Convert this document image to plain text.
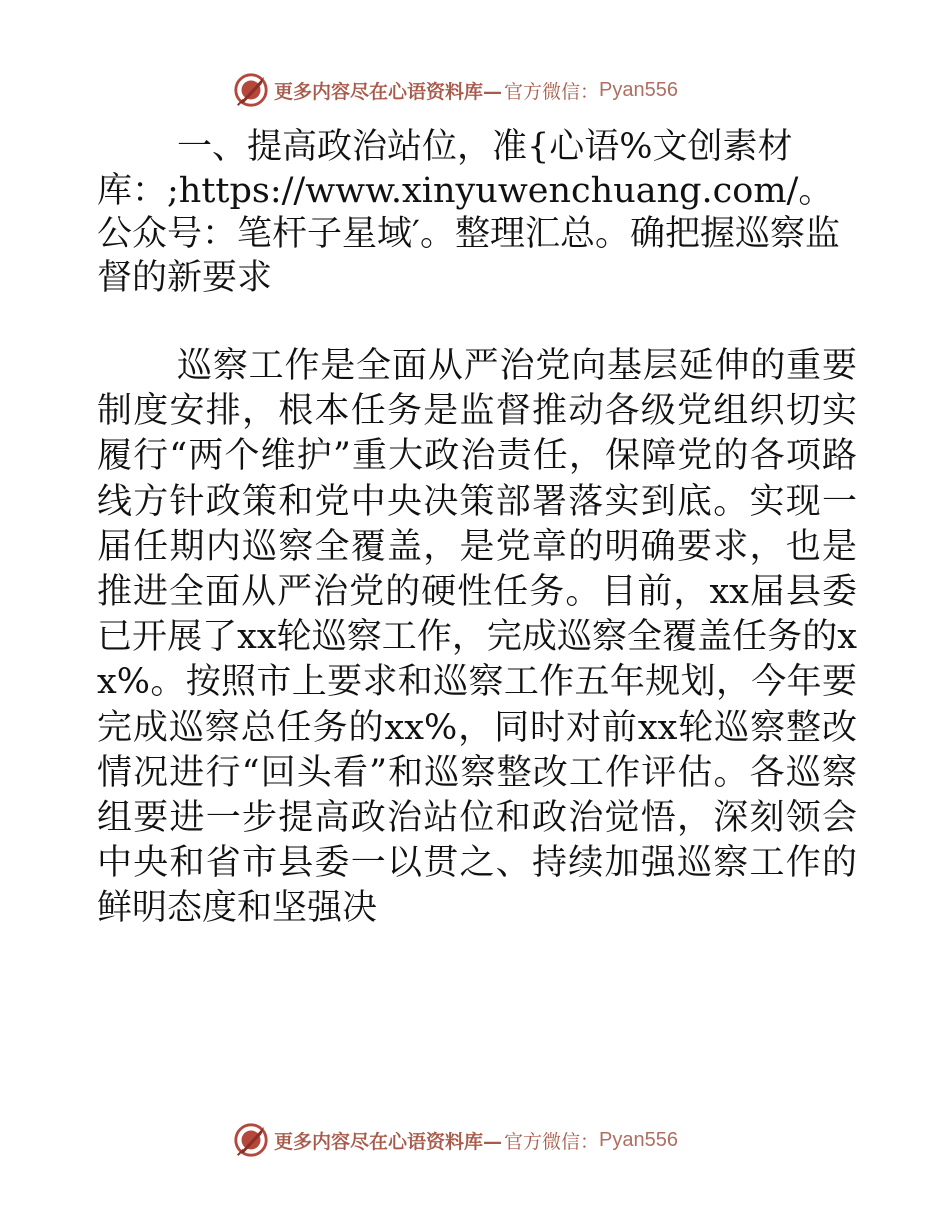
更多内容尽在心语资料库— 官方微信： Pyan556

一、提高政治站位，准{心语%文创素材库：;https://www.xinyuwenchuang.com/。公众号：笔杆子星域′。整理汇总。确把握巡察监督的新要求

巡察工作是全面从严治党向基层延伸的重要制度安排，根本任务是监督推动各级党组织切实履行“两个维护”重大政治责任，保障党的各项路线方针政策和党中央决策部署落实到底。实现一届任期内巡察全覆盖，是党章的明确要求，也是推进全面从严治党的硬性任务。目前，xx届县委已开展了xx轮巡察工作，完成巡察全覆盖任务的xx%。按照市上要求和巡察工作五年规划，今年要完成巡察总任务的xx%，同时对前xx轮巡察整改情况进行“回头看”和巡察整改工作评估。各巡察组要进一步提高政治站位和政治觉悟，深刻领会中央和省市县委一以贯之、持续加强巡察工作的鲜明态度和坚强决

更多内容尽在心语资料库— 官方微信： Pyan556
